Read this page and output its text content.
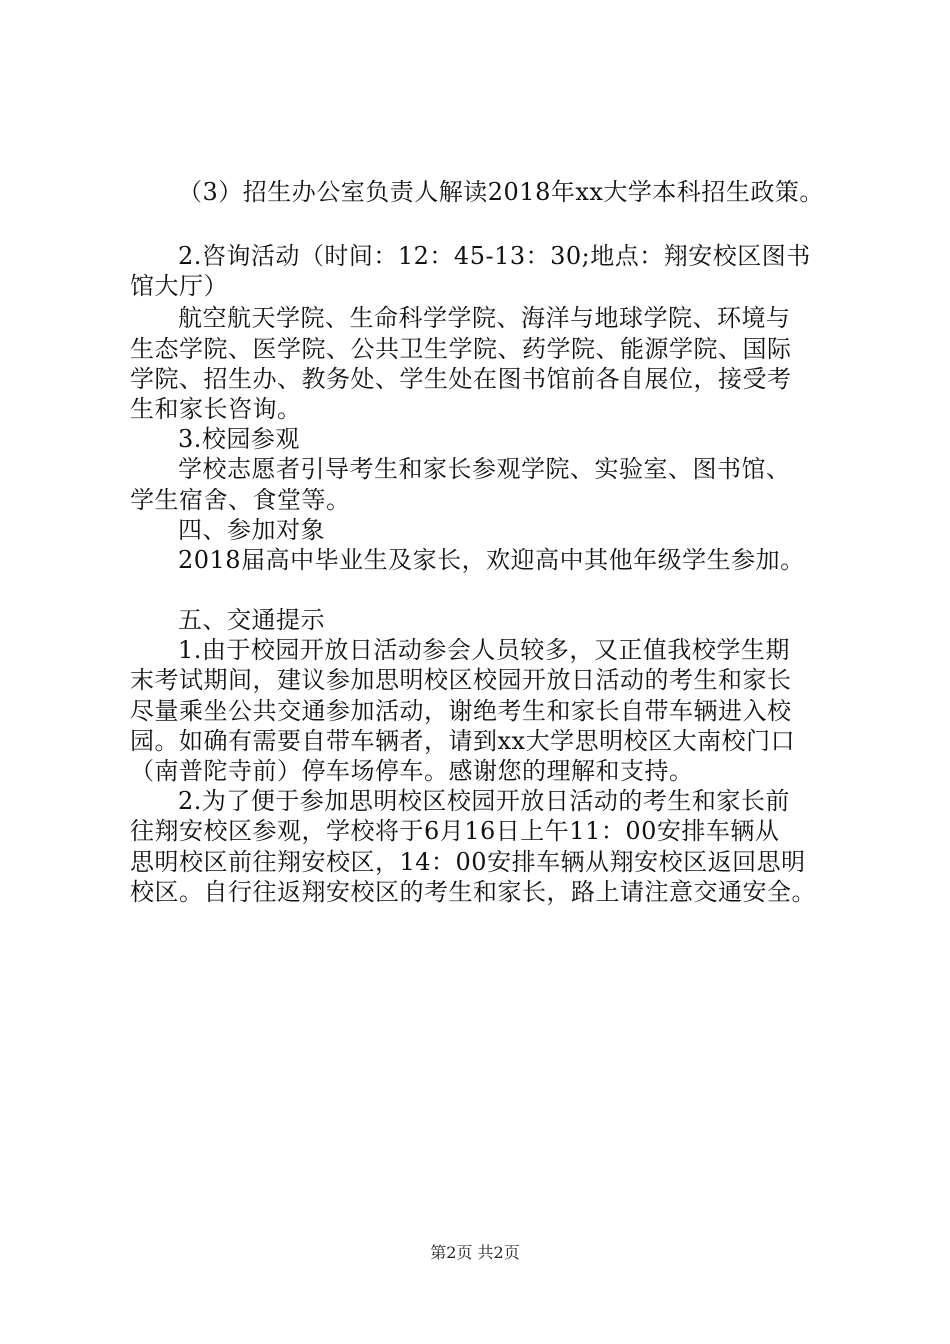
（3）招生办公室负责人解读2018年xx大学本科招生政策。
2.咨询活动（时间：12：45-13：30;地点：翔安校区图书
馆大厅）
航空航天学院、生命科学学院、海洋与地球学院、环境与
生态学院、医学院、公共卫生学院、药学院、能源学院、国际
学院、招生办、教务处、学生处在图书馆前各自展位，接受考
生和家长咨询。
3.校园参观
学校志愿者引导考生和家长参观学院、实验室、图书馆、
学生宿舍、食堂等。
四、参加对象
2018届高中毕业生及家长，欢迎高中其他年级学生参加。
五、交通提示
1.由于校园开放日活动参会人员较多，又正值我校学生期
末考试期间，建议参加思明校区校园开放日活动的考生和家长
尽量乘坐公共交通参加活动，谢绝考生和家长自带车辆进入校
园。如确有需要自带车辆者，请到xx大学思明校区大南校门口
（南普陀寺前）停车场停车。感谢您的理解和支持。
2.为了便于参加思明校区校园开放日活动的考生和家长前
往翔安校区参观，学校将于6月16日上午11：00安排车辆从
思明校区前往翔安校区，14：00安排车辆从翔安校区返回思明
校区。自行往返翔安校区的考生和家长，路上请注意交通安全。
第2页 共2页
